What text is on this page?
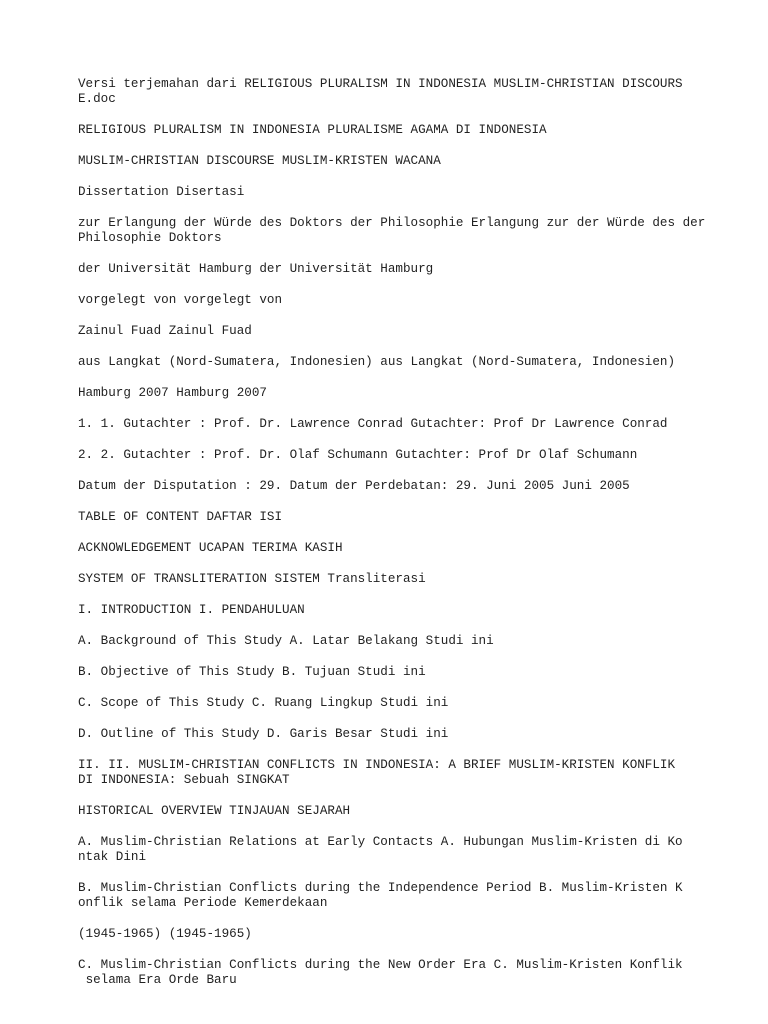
Versi terjemahan dari RELIGIOUS PLURALISM IN INDONESIA MUSLIM-CHRISTIAN DISCOURS
E.doc

RELIGIOUS PLURALISM IN INDONESIA PLURALISME AGAMA DI INDONESIA

MUSLIM-CHRISTIAN DISCOURSE MUSLIM-KRISTEN WACANA

Dissertation Disertasi

zur Erlangung der Würde des Doktors der Philosophie Erlangung zur der Würde des der
Philosophie Doktors

der Universität Hamburg der Universität Hamburg

vorgelegt von vorgelegt von

Zainul Fuad Zainul Fuad

aus Langkat (Nord-Sumatera, Indonesien) aus Langkat (Nord-Sumatera, Indonesien)

Hamburg 2007 Hamburg 2007

1. 1. Gutachter : Prof. Dr. Lawrence Conrad Gutachter: Prof Dr Lawrence Conrad

2. 2. Gutachter : Prof. Dr. Olaf Schumann Gutachter: Prof Dr Olaf Schumann

Datum der Disputation : 29. Datum der Perdebatan: 29. Juni 2005 Juni 2005

TABLE OF CONTENT DAFTAR ISI

ACKNOWLEDGEMENT UCAPAN TERIMA KASIH

SYSTEM OF TRANSLITERATION SISTEM Transliterasi

I. INTRODUCTION I. PENDAHULUAN

A. Background of This Study A. Latar Belakang Studi ini

B. Objective of This Study B. Tujuan Studi ini

C. Scope of This Study C. Ruang Lingkup Studi ini

D. Outline of This Study D. Garis Besar Studi ini

II. II. MUSLIM-CHRISTIAN CONFLICTS IN INDONESIA: A BRIEF MUSLIM-KRISTEN KONFLIK
DI INDONESIA: Sebuah SINGKAT

HISTORICAL OVERVIEW TINJAUAN SEJARAH

A. Muslim-Christian Relations at Early Contacts A. Hubungan Muslim-Kristen di Ko
ntak Dini

B. Muslim-Christian Conflicts during the Independence Period B. Muslim-Kristen K
onflik selama Periode Kemerdekaan

(1945-1965) (1945-1965)

C. Muslim-Christian Conflicts during the New Order Era C. Muslim-Kristen Konflik
selama Era Orde Baru
